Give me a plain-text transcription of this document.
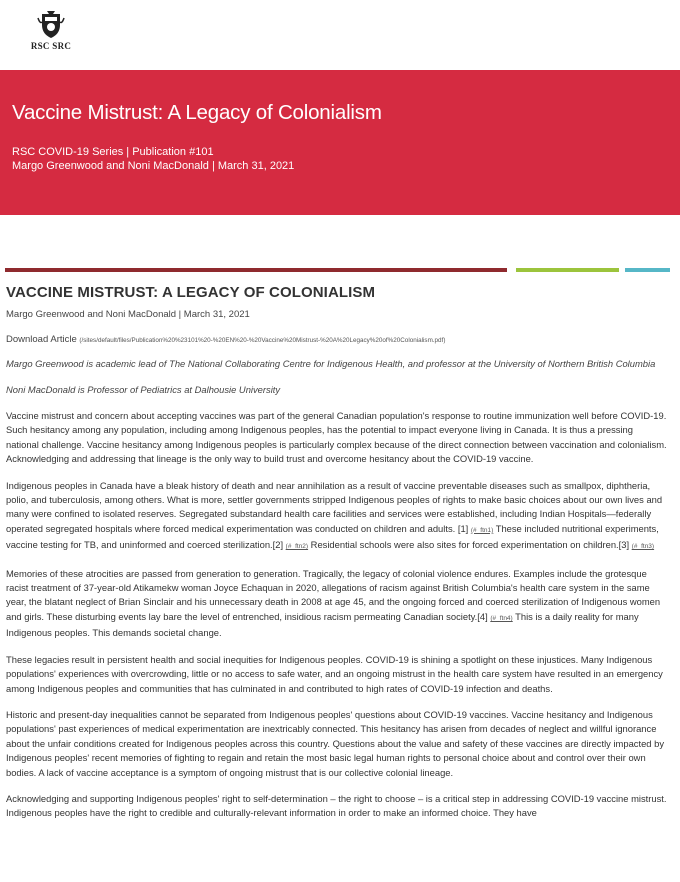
RSC SRC
Vaccine Mistrust: A Legacy of Colonialism
RSC COVID-19 Series | Publication #101
Margo Greenwood and Noni MacDonald | March 31, 2021
VACCINE MISTRUST: A LEGACY OF COLONIALISM
Margo Greenwood and Noni MacDonald | March 31, 2021
Download Article (/sites/default/files/Publication%20%23101%20-%20EN%20-%20Vaccine%20Mistrust-%20A%20Legacy%20of%20Colonialism.pdf)

Margo Greenwood is academic lead of The National Collaborating Centre for Indigenous Health, and professor at the University of Northern British Columbia

Noni MacDonald is Professor of Pediatrics at Dalhousie University

Vaccine mistrust and concern about accepting vaccines was part of the general Canadian population's response to routine immunization well before COVID-19. Such hesitancy among any population, including among Indigenous peoples, has the potential to impact everyone living in Canada. It is thus a pressing national challenge. Vaccine hesitancy among Indigenous peoples is particularly complex because of the direct connection between vaccination and colonialism. Acknowledging and addressing that lineage is the only way to build trust and overcome hesitancy about the COVID-19 vaccine.

Indigenous peoples in Canada have a bleak history of death and near annihilation as a result of vaccine preventable diseases such as smallpox, diphtheria, polio, and tuberculosis, among others. What is more, settler governments stripped Indigenous peoples of rights to make basic choices about our own lives and many were confined to isolated reserves. Segregated substandard health care facilities and services were established, including Indian Hospitals—federally operated segregated hospitals where forced medical experimentation was conducted on children and adults. [1] (#_ftn1) These included nutritional experiments, vaccine testing for TB, and uninformed and coerced sterilization.[2] (#_ftn2) Residential schools were also sites for forced experimentation on children.[3] (#_ftn3)

Memories of these atrocities are passed from generation to generation. Tragically, the legacy of colonial violence endures. Examples include the grotesque racist treatment of 37-year-old Atikamekw woman Joyce Echaquan in 2020, allegations of racism against British Columbia's health care system in the same year, the blatant neglect of Brian Sinclair and his unnecessary death in 2008 at age 45, and the ongoing forced and coerced sterilization of Indigenous women and girls. These disturbing events lay bare the level of entrenched, insidious racism permeating Canadian society.[4] (#_ftn4) This is a daily reality for many Indigenous peoples. This demands societal change.

These legacies result in persistent health and social inequities for Indigenous peoples. COVID-19 is shining a spotlight on these injustices. Many Indigenous populations' experiences with overcrowding, little or no access to safe water, and an ongoing mistrust in the health care system have resulted in an emergency among Indigenous peoples and communities that has culminated in and contributed to high rates of COVID-19 infection and deaths.

Historic and present-day inequalities cannot be separated from Indigenous peoples' questions about COVID-19 vaccines. Vaccine hesitancy and Indigenous populations' past experiences of medical experimentation are inextricably connected. This hesitancy has arisen from decades of neglect and willful ignorance about the unfair conditions created for Indigenous peoples across this country. Questions about the value and safety of these vaccines are directly impacted by Indigenous peoples' recent memories of fighting to regain and retain the most basic legal human rights to personal choice about and control over their own bodies. A lack of vaccine acceptance is a symptom of ongoing mistrust that is our collective colonial lineage.

Acknowledging and supporting Indigenous peoples' right to self-determination – the right to choose – is a critical step in addressing COVID-19 vaccine mistrust. Indigenous peoples have the right to credible and culturally-relevant information in order to make an informed choice. They have
